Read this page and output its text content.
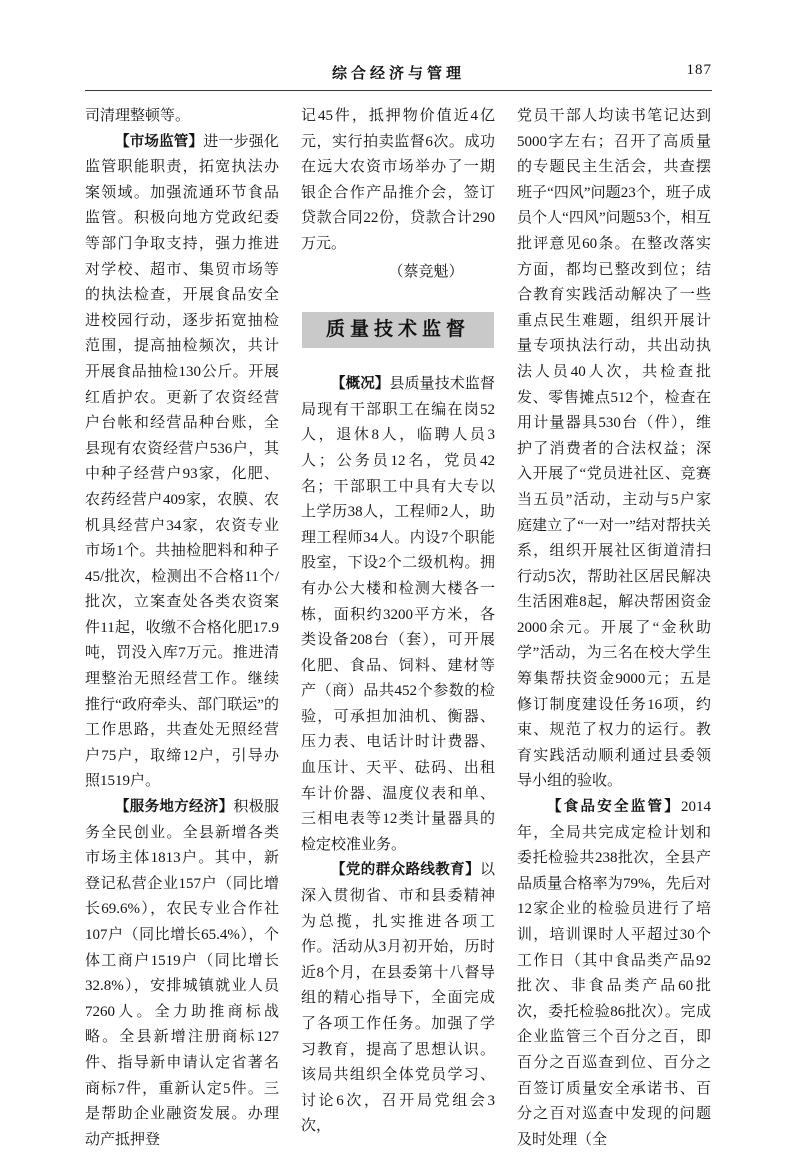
综合经济与管理	187

司清理整顿等。

【市场监管】进一步强化监管职能职责，拓宽执法办案领域。加强流通环节食品监管。积极向地方党政纪委等部门争取支持，强力推进对学校、超市、集贸市场等的执法检查，开展食品安全进校园行动，逐步拓宽抽检范围，提高抽检频次，共计开展食品抽检130公斤。开展红盾护农。更新了农资经营户台帐和经营品种台账，全县现有农资经营户536户，其中种子经营户93家，化肥、农药经营户409家，农膜、农机具经营户34家，农资专业市场1个。共抽检肥料和种子45/批次，检测出不合格11个/批次，立案查处各类农资案件11起，收缴不合格化肥17.9吨，罚没入库7万元。推进清理整治无照经营工作。继续推行“政府牵头、部门联运”的工作思路，共查处无照经营户75户，取缔12户，引导办照1519户。

【服务地方经济】积极服务全民创业。全县新增各类市场主体1813户。其中，新登记私营企业157户（同比增长69.6%），农民专业合作社107户（同比增长65.4%），个体工商户1519户（同比增长32.8%），安排城镇就业人员7260人。全力助推商标战略。全县新增注册商标127件、指导新申请认定省著名商标7件，重新认定5件。三是帮助企业融资发展。办理动产抵押登

记45件，抵押物价值近4亿元，实行拍卖监督6次。成功在远大农资市场举办了一期银企合作产品推介会，签订贷款合同22份，贷款合计290万元。

（蔡竞魁）

质量技术监督

【概况】县质量技术监督局现有干部职工在编在岗52人，退休8人，临聘人员3人；公务员12名，党员42名；干部职工中具有大专以上学历38人，工程师2人，助理工程师34人。内设7个职能股室，下设2个二级机构。拥有办公大楼和检测大楼各一栋，面积约3200平方米，各类设备208台（套），可开展化肥、食品、饲料、建材等产（商）品共452个参数的检验，可承担加油机、衡器、压力表、电话计时计费器、血压计、天平、砝码、出租车计价器、温度仪表和单、三相电表等12类计量器具的检定校准业务。

【党的群众路线教育】以深入贯彻省、市和县委精神为总揽，扎实推进各项工作。活动从3月初开始，历时近8个月，在县委第十八督导组的精心指导下，全面完成了各项工作任务。加强了学习教育，提高了思想认识。该局共组织全体党员学习、讨论6次，召开局党组会3次，

党员干部人均读书笔记达到5000字左右；召开了高质量的专题民主生活会，共查摆班子“四风”问题23个，班子成员个人“四风”问题53个，相互批评意见60条。在整改落实方面，都均已整改到位；结合教育实践活动解决了一些重点民生难题，组织开展计量专项执法行动，共出动执法人员40人次，共检查批发、零售摊点512个，检查在用计量器具530台（件），维护了消费者的合法权益；深入开展了“党员进社区、竞赛当五员”活动，主动与5户家庭建立了“一对一”结对帮扶关系，组织开展社区街道清扫行动5次，帮助社区居民解决生活困难8起，解决帮困资金2000余元。开展了“金秋助学”活动，为三名在校大学生筹集帮扶资金9000元；五是修订制度建设任务16项，约束、规范了权力的运行。教育实践活动顺利通过县委领导小组的验收。

【食品安全监管】2014年，全局共完成定检计划和委托检验共238批次，全县产品质量合格率为79%，先后对12家企业的检验员进行了培训，培训课时人平超过30个工作日（其中食品类产品92批次、非食品类产品60批次，委托检验86批次）。完成企业监管三个百分之百，即百分之百巡查到位、百分之百签订质量安全承诺书、百分之百对巡查中发现的问题及时处理（全
